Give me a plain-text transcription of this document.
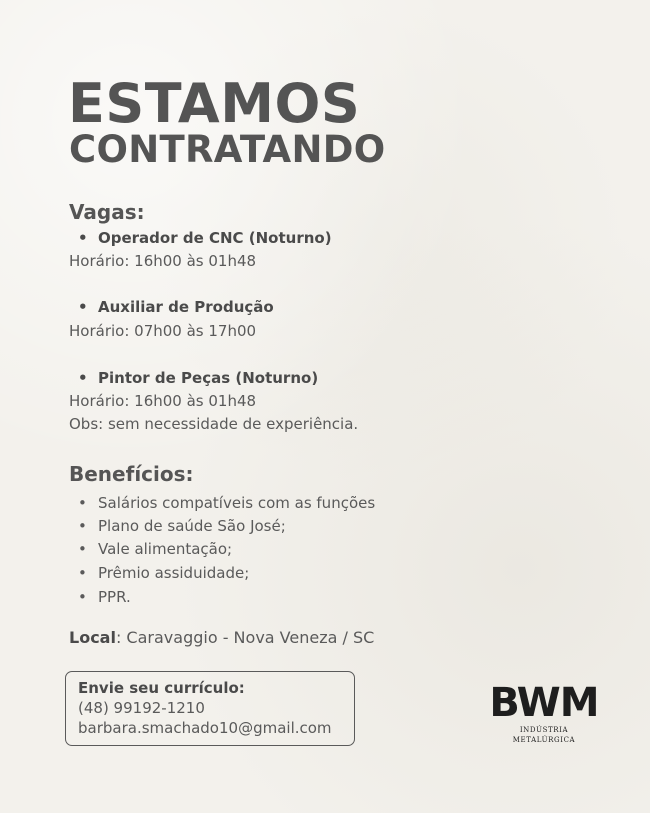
ESTAMOS
CONTRATANDO
Vagas:
• Operador de CNC (Noturno)
Horário: 16h00 às 01h48
• Auxiliar de Produção
Horário: 07h00 às 17h00
• Pintor de Peças (Noturno)
Horário: 16h00 às 01h48
Obs: sem necessidade de experiência.
Benefícios:
• Salários compatíveis com as funções
• Plano de saúde São José;
• Vale alimentação;
• Prêmio assiduidade;
• PPR.
Local: Caravaggio - Nova Veneza / SC
Envie seu currículo:
(48) 99192-1210
barbara.smachado10@gmail.com
BWM
INDÚSTRIA METALÚRGICA
